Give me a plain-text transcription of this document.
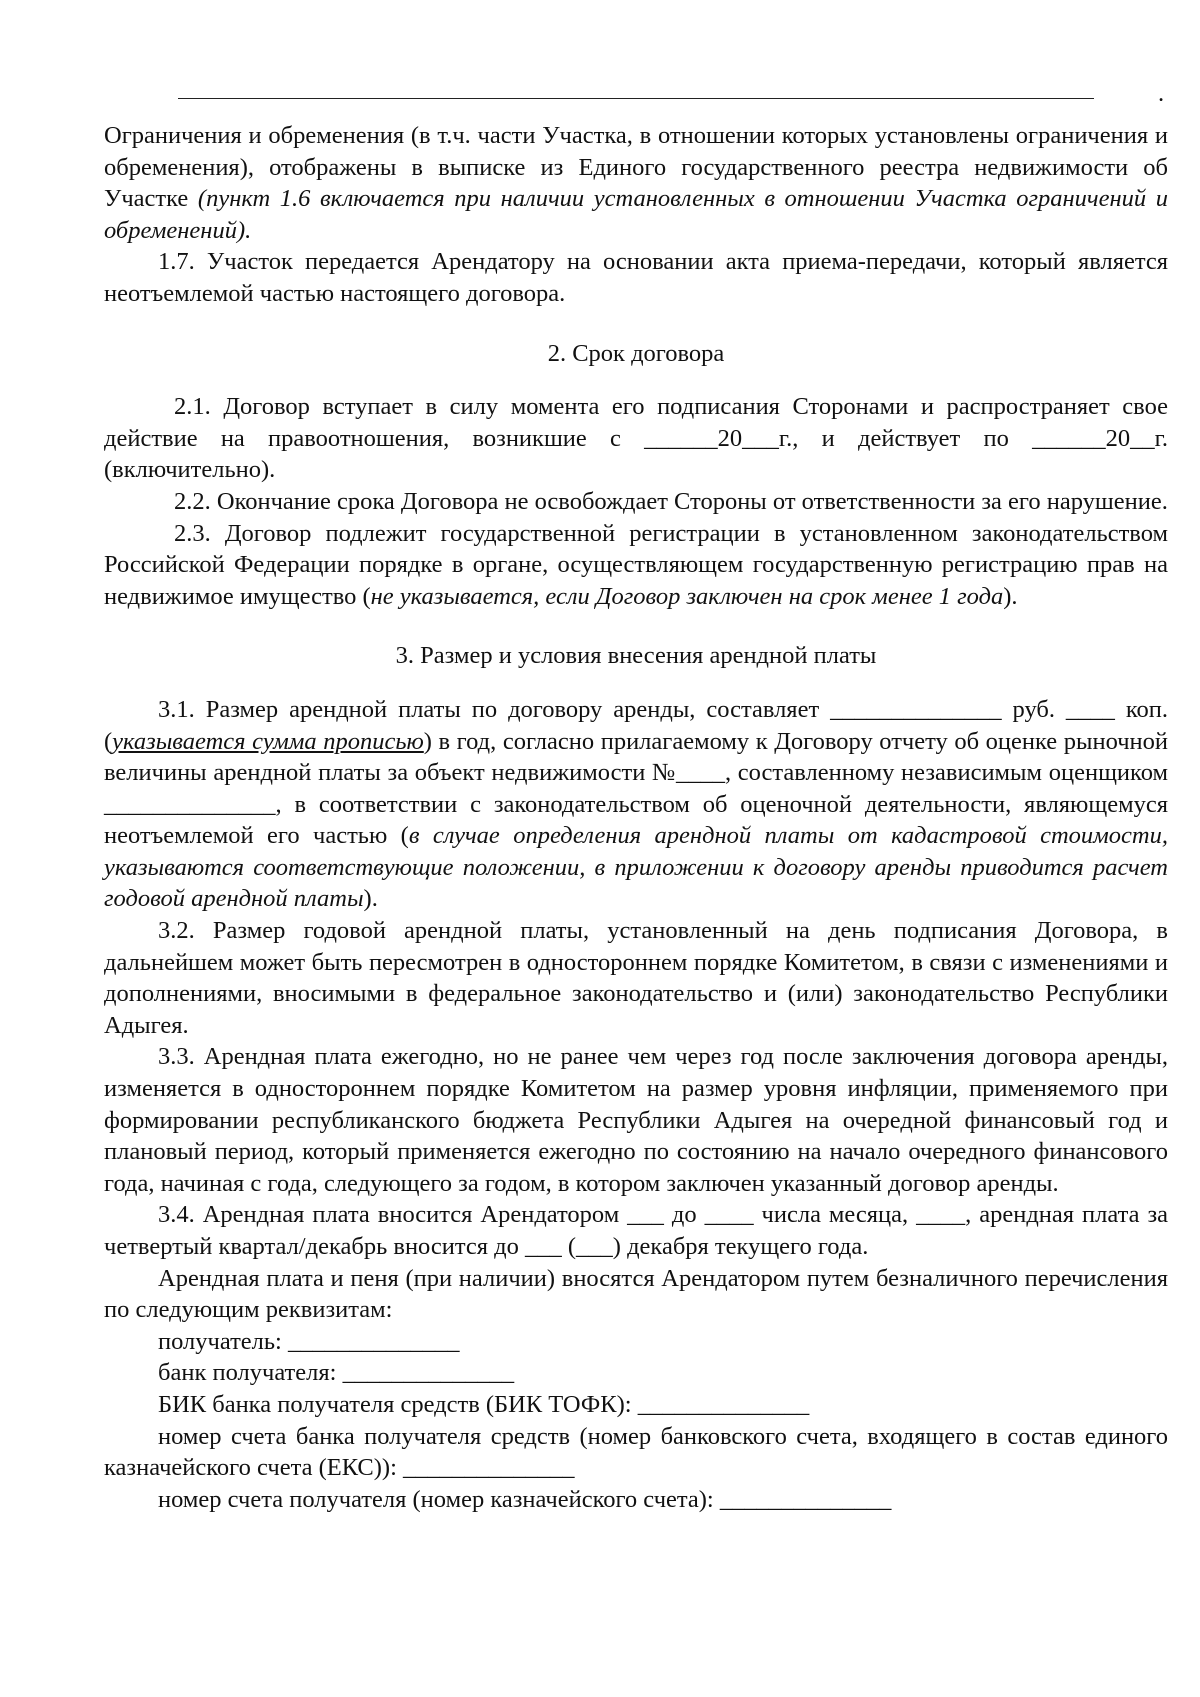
.

Ограничения и обременения (в т.ч. части Участка, в отношении которых установлены ограничения и обременения), отображены в выписке из Единого государственного реестра недвижимости об Участке (пункт 1.6 включается при наличии установленных в отношении Участка ограничений и обременений).

1.7. Участок передается Арендатору на основании акта приема-передачи, который является неотъемлемой частью настоящего договора.

2. Срок договора

2.1. Договор вступает в силу момента его подписания Сторонами и распространяет свое действие на правоотношения, возникшие с ______20___г., и действует по ______20__г. (включительно).

2.2. Окончание срока Договора не освобождает Стороны от ответственности за его нарушение.

2.3. Договор подлежит государственной регистрации в установленном законодательством Российской Федерации порядке в органе, осуществляющем государственную регистрацию прав на недвижимое имущество (не указывается, если Договор заключен на срок менее 1 года).

3. Размер и условия внесения арендной платы

3.1. Размер арендной платы по договору аренды, составляет ______________ руб. ____ коп. (указывается сумма прописью) в год, согласно прилагаемому к Договору отчету об оценке рыночной величины арендной платы за объект недвижимости №____, составленному независимым оценщиком ______________, в соответствии с законодательством об оценочной деятельности, являющемуся неотъемлемой его частью (в случае определения арендной платы от кадастровой стоимости, указываются соответствующие положении, в приложении к договору аренды приводится расчет годовой арендной платы).

3.2. Размер годовой арендной платы, установленный на день подписания Договора, в дальнейшем может быть пересмотрен в одностороннем порядке Комитетом, в связи с изменениями и дополнениями, вносимыми в федеральное законодательство и (или) законодательство Республики Адыгея.

3.3. Арендная плата ежегодно, но не ранее чем через год после заключения договора аренды, изменяется в одностороннем порядке Комитетом на размер уровня инфляции, применяемого при формировании республиканского бюджета Республики Адыгея на очередной финансовый год и плановый период, который применяется ежегодно по состоянию на начало очередного финансового года, начиная с года, следующего за годом, в котором заключен указанный договор аренды.

3.4. Арендная плата вносится Арендатором ___ до ____ числа месяца, ____, арендная плата за четвертый квартал/декабрь вносится до ___ (___) декабря текущего года.

Арендная плата и пеня (при наличии) вносятся Арендатором путем безналичного перечисления по следующим реквизитам:

получатель: ______________

банк получателя: ______________

БИК банка получателя средств (БИК ТОФК): ______________

номер счета банка получателя средств (номер банковского счета, входящего в состав единого казначейского счета (ЕКС)): ______________

номер счета получателя (номер казначейского счета): ______________
